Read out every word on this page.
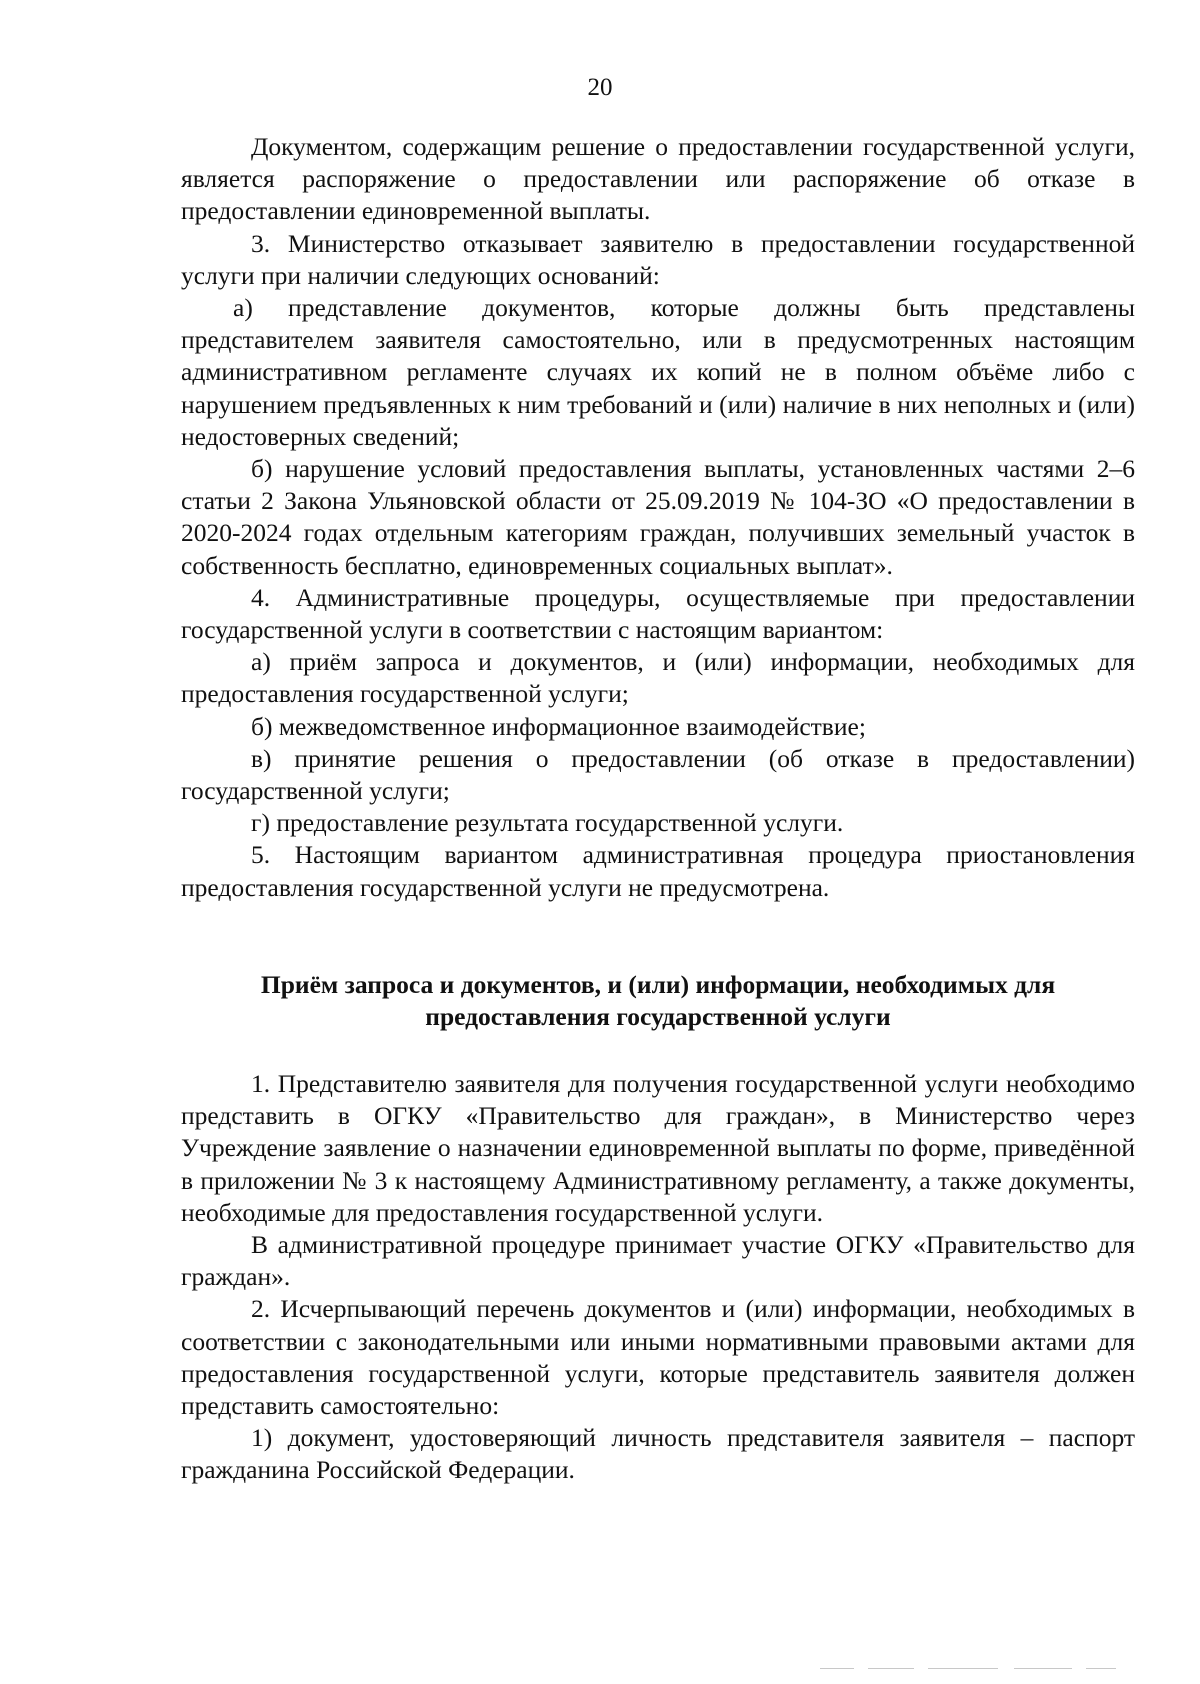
20

Документом, содержащим решение о предоставлении государственной услуги, является распоряжение о предоставлении или распоряжение об отказе в предоставлении единовременной выплаты.

3. Министерство отказывает заявителю в предоставлении государственной услуги при наличии следующих оснований:

а) представление документов, которые должны быть представлены представителем заявителя самостоятельно, или в предусмотренных настоящим административном регламенте случаях их копий не в полном объёме либо с нарушением предъявленных к ним требований и (или) наличие в них неполных и (или) недостоверных сведений;

б) нарушение условий предоставления выплаты, установленных частями 2–6 статьи 2 Закона Ульяновской области от 25.09.2019 № 104-ЗО «О предоставлении в 2020-2024 годах отдельным категориям граждан, получивших земельный участок в собственность бесплатно, единовременных социальных выплат».

4. Административные процедуры, осуществляемые при предоставлении государственной услуги в соответствии с настоящим вариантом:

а) приём запроса и документов, и (или) информации, необходимых для предоставления государственной услуги;

б) межведомственное информационное взаимодействие;

в) принятие решения о предоставлении (об отказе в предоставлении) государственной услуги;

г) предоставление результата государственной услуги.

5. Настоящим вариантом административная процедура приостановления предоставления государственной услуги не предусмотрена.

Приём запроса и документов, и (или) информации, необходимых для предоставления государственной услуги

1. Представителю заявителя для получения государственной услуги необходимо представить в ОГКУ «Правительство для граждан», в Министерство через Учреждение заявление о назначении единовременной выплаты по форме, приведённой в приложении № 3 к настоящему Административному регламенту, а также документы, необходимые для предоставления государственной услуги.

В административной процедуре принимает участие ОГКУ «Правительство для граждан».

2. Исчерпывающий перечень документов и (или) информации, необходимых в соответствии с законодательными или иными нормативными правовыми актами для предоставления государственной услуги, которые представитель заявителя должен представить самостоятельно:

1) документ, удостоверяющий личность представителя заявителя – паспорт гражданина Российской Федерации.
